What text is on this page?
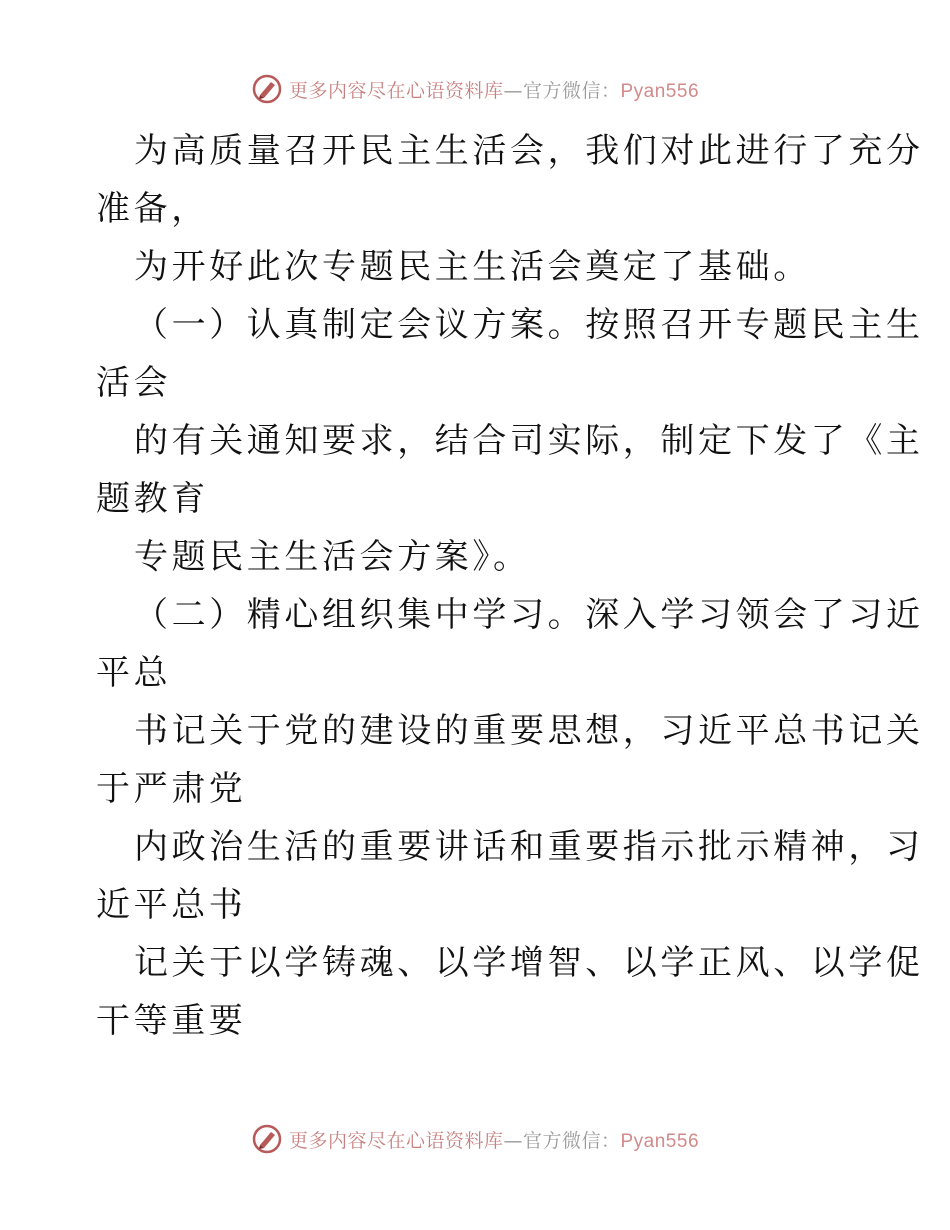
更多内容尽在心语资料库—官方微信：Pyan556
为高质量召开民主生活会，我们对此进行了充分
准备，
为开好此次专题民主生活会奠定了基础。
（一）认真制定会议方案。按照召开专题民主生
活会
的有关通知要求，结合司实际，制定下发了《主
题教育
专题民主生活会方案》。
（二）精心组织集中学习。深入学习领会了习近
平总
书记关于党的建设的重要思想，习近平总书记关
于严肃党
内政治生活的重要讲话和重要指示批示精神，习
近平总书
记关于以学铸魂、以学增智、以学正风、以学促
干等重要
更多内容尽在心语资料库—官方微信：Pyan556
